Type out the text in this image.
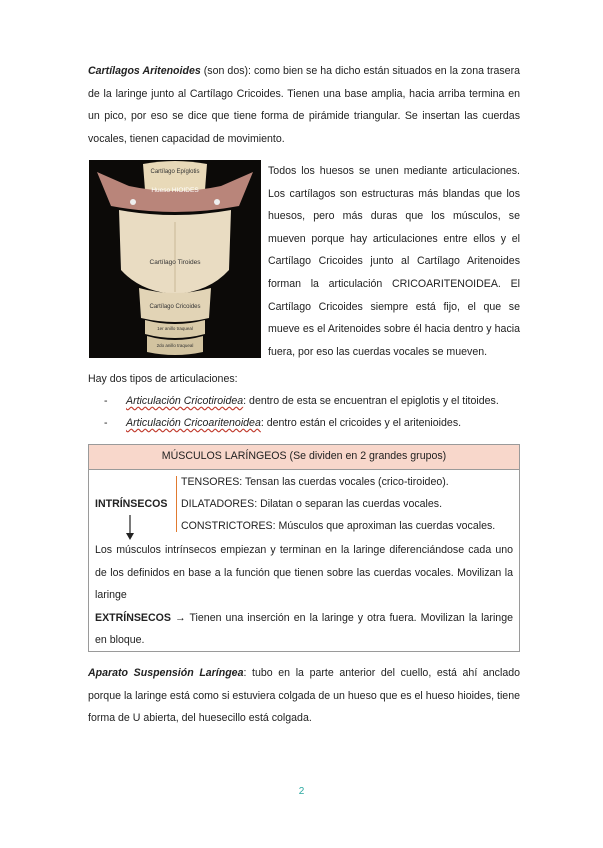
Cartílagos Aritenoides (son dos): como bien se ha dicho están situados en la zona trasera de la laringe junto al Cartílago Cricoides. Tienen una base amplia, hacia arriba termina en un pico, por eso se dice que tiene forma de pirámide triangular. Se insertan las cuerdas vocales, tienen capacidad de movimiento.
Cartílago Epíglotis
Hueso HIOIDES
Cartílago Tiroides
Cartílago Cricoides
1er anillo traqueal
2do anillo traqueal
Todos los huesos se unen mediante articulaciones. Los cartílagos son estructuras más blandas que los huesos, pero más duras que los músculos, se mueven porque hay articulaciones entre ellos y el Cartílago Cricoides junto al Cartílago Aritenoides forman la articulación CRICOARITENOIDEA. El Cartílago Cricoides siempre está fijo, el que se mueve es el Aritenoides sobre él hacia dentro y hacia fuera, por eso las cuerdas vocales se mueven.
Hay dos tipos de articulaciones:
- Articulación Cricotiroidea: dentro de esta se encuentran el epiglotis y el titoides.
- Articulación Cricoaritenoidea: dentro están el cricoides y el aritenioides.
MÚSCULOS LARÍNGEOS (Se dividen en 2 grandes grupos)
INTRÍNSECOS
TENSORES: Tensan las cuerdas vocales (crico-tiroideo).
DILATADORES: Dilatan o separan las cuerdas vocales.
CONSTRICTORES: Músculos que aproximan las cuerdas vocales.
Los músculos intrínsecos empiezan y terminan en la laringe diferenciándose cada uno de los definidos en base a la función que tienen sobre las cuerdas vocales. Movilizan la laringe
EXTRÍNSECOS → Tienen una inserción en la laringe y otra fuera. Movilizan la laringe en bloque.
Aparato Suspensión Laríngea: tubo en la parte anterior del cuello, está ahí anclado porque la laringe está como si estuviera colgada de un hueso que es el hueso hioides, tiene forma de U abierta, del huesecillo está colgada.
2
